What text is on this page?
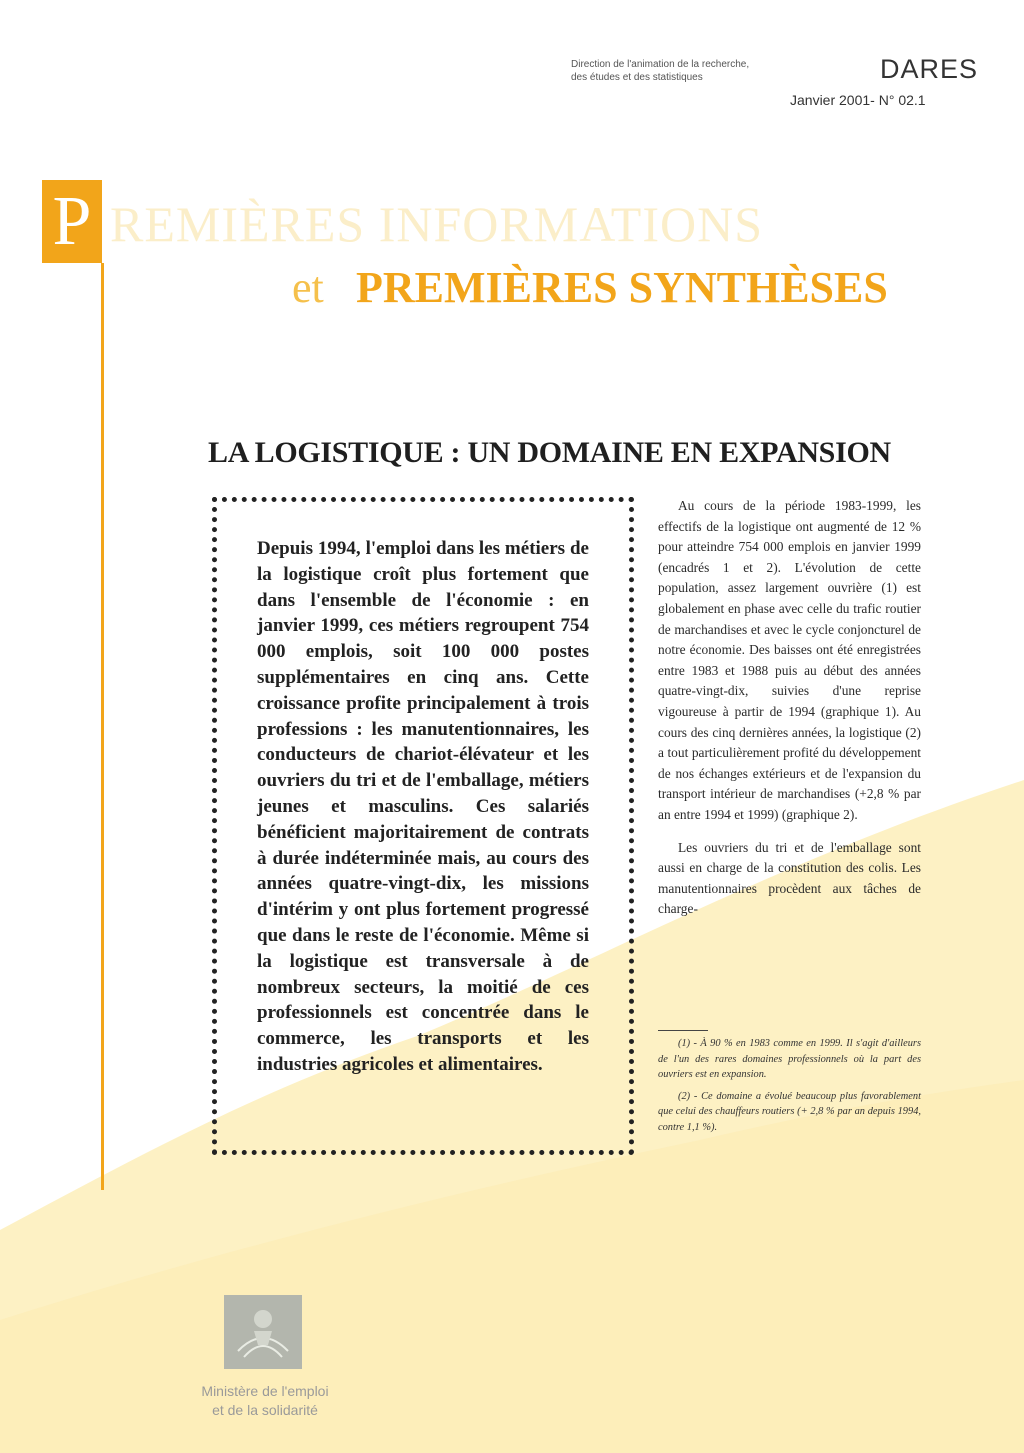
Direction de l'animation de la recherche,
des études et des statistiques	DARES
Janvier 2001- N° 02.1
P REMIÈRES INFORMATIONS
et PREMIÈRES SYNTHÈSES
LA LOGISTIQUE : UN DOMAINE EN EXPANSION
Depuis 1994, l'emploi dans les métiers de la logistique croît plus fortement que dans l'ensemble de l'économie : en janvier 1999, ces métiers regroupent 754 000 emplois, soit 100 000 postes supplémentaires en cinq ans. Cette croissance profite principalement à trois professions : les manutentionnaires, les conducteurs de chariot-élévateur et les ouvriers du tri et de l'emballage, métiers jeunes et masculins. Ces salariés bénéficient majoritairement de contrats à durée indéterminée mais, au cours des années quatre-vingt-dix, les missions d'intérim y ont plus fortement progressé que dans le reste de l'économie. Même si la logistique est transversale à de nombreux secteurs, la moitié de ces professionnels est concentrée dans le commerce, les transports et les industries agricoles et alimentaires.

Au cours de la période 1983-1999, les effectifs de la logistique ont augmenté de 12 % pour atteindre 754 000 emplois en janvier 1999 (encadrés 1 et 2). L'évolution de cette population, assez largement ouvrière (1) est globalement en phase avec celle du trafic routier de marchandises et avec le cycle conjoncturel de notre économie. Des baisses ont été enregistrées entre 1983 et 1988 puis au début des années quatre-vingt-dix, suivies d'une reprise vigoureuse à partir de 1994 (graphique 1). Au cours des cinq dernières années, la logistique (2) a tout particulièrement profité du développement de nos échanges extérieurs et de l'expansion du transport intérieur de marchandises (+2,8 % par an entre 1994 et 1999) (graphique 2).

Les ouvriers du tri et de l'emballage sont aussi en charge de la constitution des colis. Les manutentionnaires procèdent aux tâches de charge-

(1) - À 90 % en 1983 comme en 1999. Il s'agit d'ailleurs de l'un des rares domaines professionnels où la part des ouvriers est en expansion.

(2) - Ce domaine a évolué beaucoup plus favorablement que celui des chauffeurs routiers (+ 2,8 % par an depuis 1994, contre 1,1 %).

Ministère de l'emploi
et de la solidarité
